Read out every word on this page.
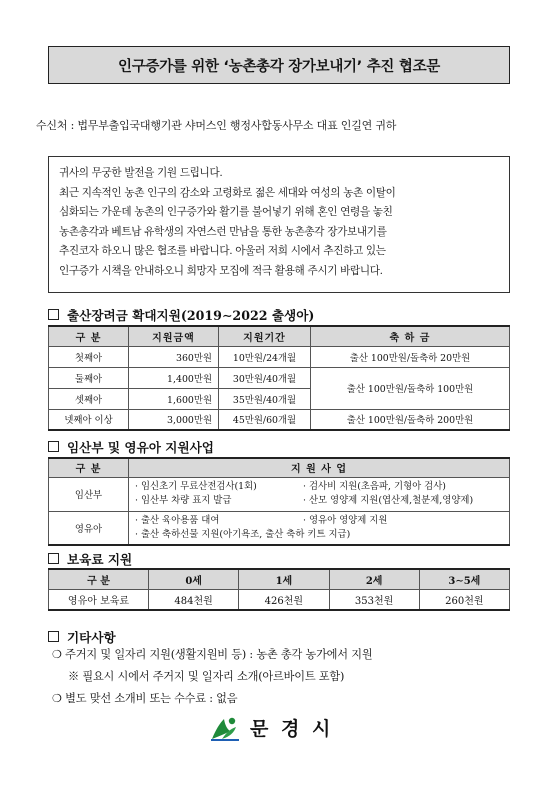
인구증가를 위한 ‘농촌총각 장가보내기’ 추진 협조문
수신처 : 법무부출입국대행기관 샤머스인 행정사합동사무소 대표 인길연 귀하

귀사의 무궁한 발전을 기원 드립니다.

최근 지속적인 농촌 인구의 감소와 고령화로 젊은 세대와 여성의 농촌 이탈이

심화되는 가운데 농촌의 인구증가와 활기를 불어넣기 위해 혼인 연령을 놓친

농촌총각과 베트남 유학생의 자연스런 만남을 통한 농촌총각 장가보내기를

추진코자 하오니 많은 협조를 바랍니다. 아울러 저희 시에서 추진하고 있는

인구증가 시책을 안내하오니 희망자 모집에 적극 활용해 주시기 바랍니다.

출산장려금 확대지원(2019∼2022 출생아)
구 분	지원금액	지원기간	축 하 금
첫째아	360만원	10만원/24개월	출산 100만원/돌축하 20만원
둘째아	1,400만원	30만원/40개월	출산 100만원/돌축하 100만원
셋째아	1,600만원	35만원/40개월	
넷째아 이상	3,000만원	45만원/60개월	출산 100만원/돌축하 200만원
임산부 및 영유아 지원사업
구 분	지 원 사 업
임산부	· 임신초기 무료산전검사(1회) · 검사비 지원(초음파, 기형아 검사)
· 임산부 차량 표지 발급 · 산모 영양제 지원(엽산제,철분제,영양제)

영유아	· 출산 육아용품 대여 · 영유아 영양제 지원
· 출산 축하선물 지원(아기욕조, 출산 축하 키트 지급)
보육료 지원
구 분	0세	1세	2세	3∼5세
영유아 보육료	484천원	426천원	353천원	260천원
기타사항
❍ 주거지 및 일자리 지원(생활지원비 등) : 농촌 총각 농가에서 지원
※ 필요시 시에서 주거지 및 일자리 소개(아르바이트 포함)
❍ 별도 맞선 소개비 또는 수수료 : 없음
문 경 시
